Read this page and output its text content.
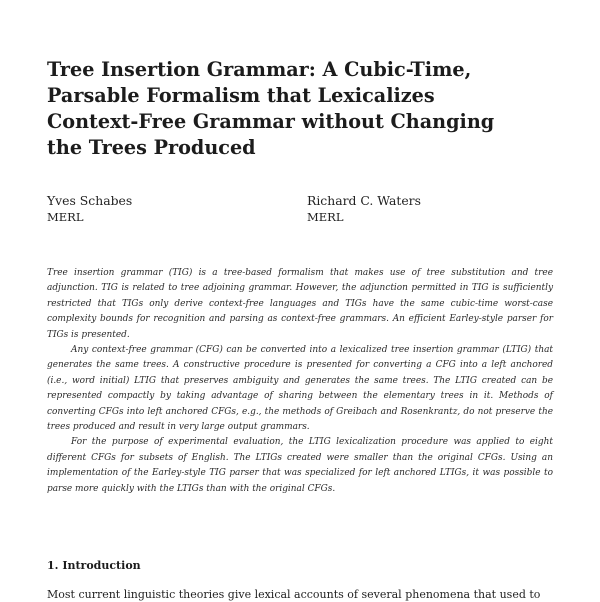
Tree Insertion Grammar: A Cubic-Time,
Parsable Formalism that Lexicalizes
Context-Free Grammar without Changing
the Trees Produced
Yves Schabes
MERL
Richard C. Waters
MERL

Tree insertion grammar (TIG) is a tree-based formalism that makes use of tree substitution and tree adjunction. TIG is related to tree adjoining grammar. However, the adjunction permitted in TIG is sufficiently restricted that TIGs only derive context-free languages and TIGs have the same cubic-time worst-case complexity bounds for recognition and parsing as context-free grammars. An efficient Earley-style parser for TIGs is presented.

Any context-free grammar (CFG) can be converted into a lexicalized tree insertion grammar (LTIG) that generates the same trees. A constructive procedure is presented for converting a CFG into a left anchored (i.e., word initial) LTIG that preserves ambiguity and generates the same trees. The LTIG created can be represented compactly by taking advantage of sharing between the elementary trees in it. Methods of converting CFGs into left anchored CFGs, e.g., the methods of Greibach and Rosenkrantz, do not preserve the trees produced and result in very large output grammars.

For the purpose of experimental evaluation, the LTIG lexicalization procedure was applied to eight different CFGs for subsets of English. The LTIGs created were smaller than the original CFGs. Using an implementation of the Earley-style TIG parser that was specialized for left anchored LTIGs, it was possible to parse more quickly with the LTIGs than with the original CFGs.

1. Introduction

Most current linguistic theories give lexical accounts of several phenomena that used to
